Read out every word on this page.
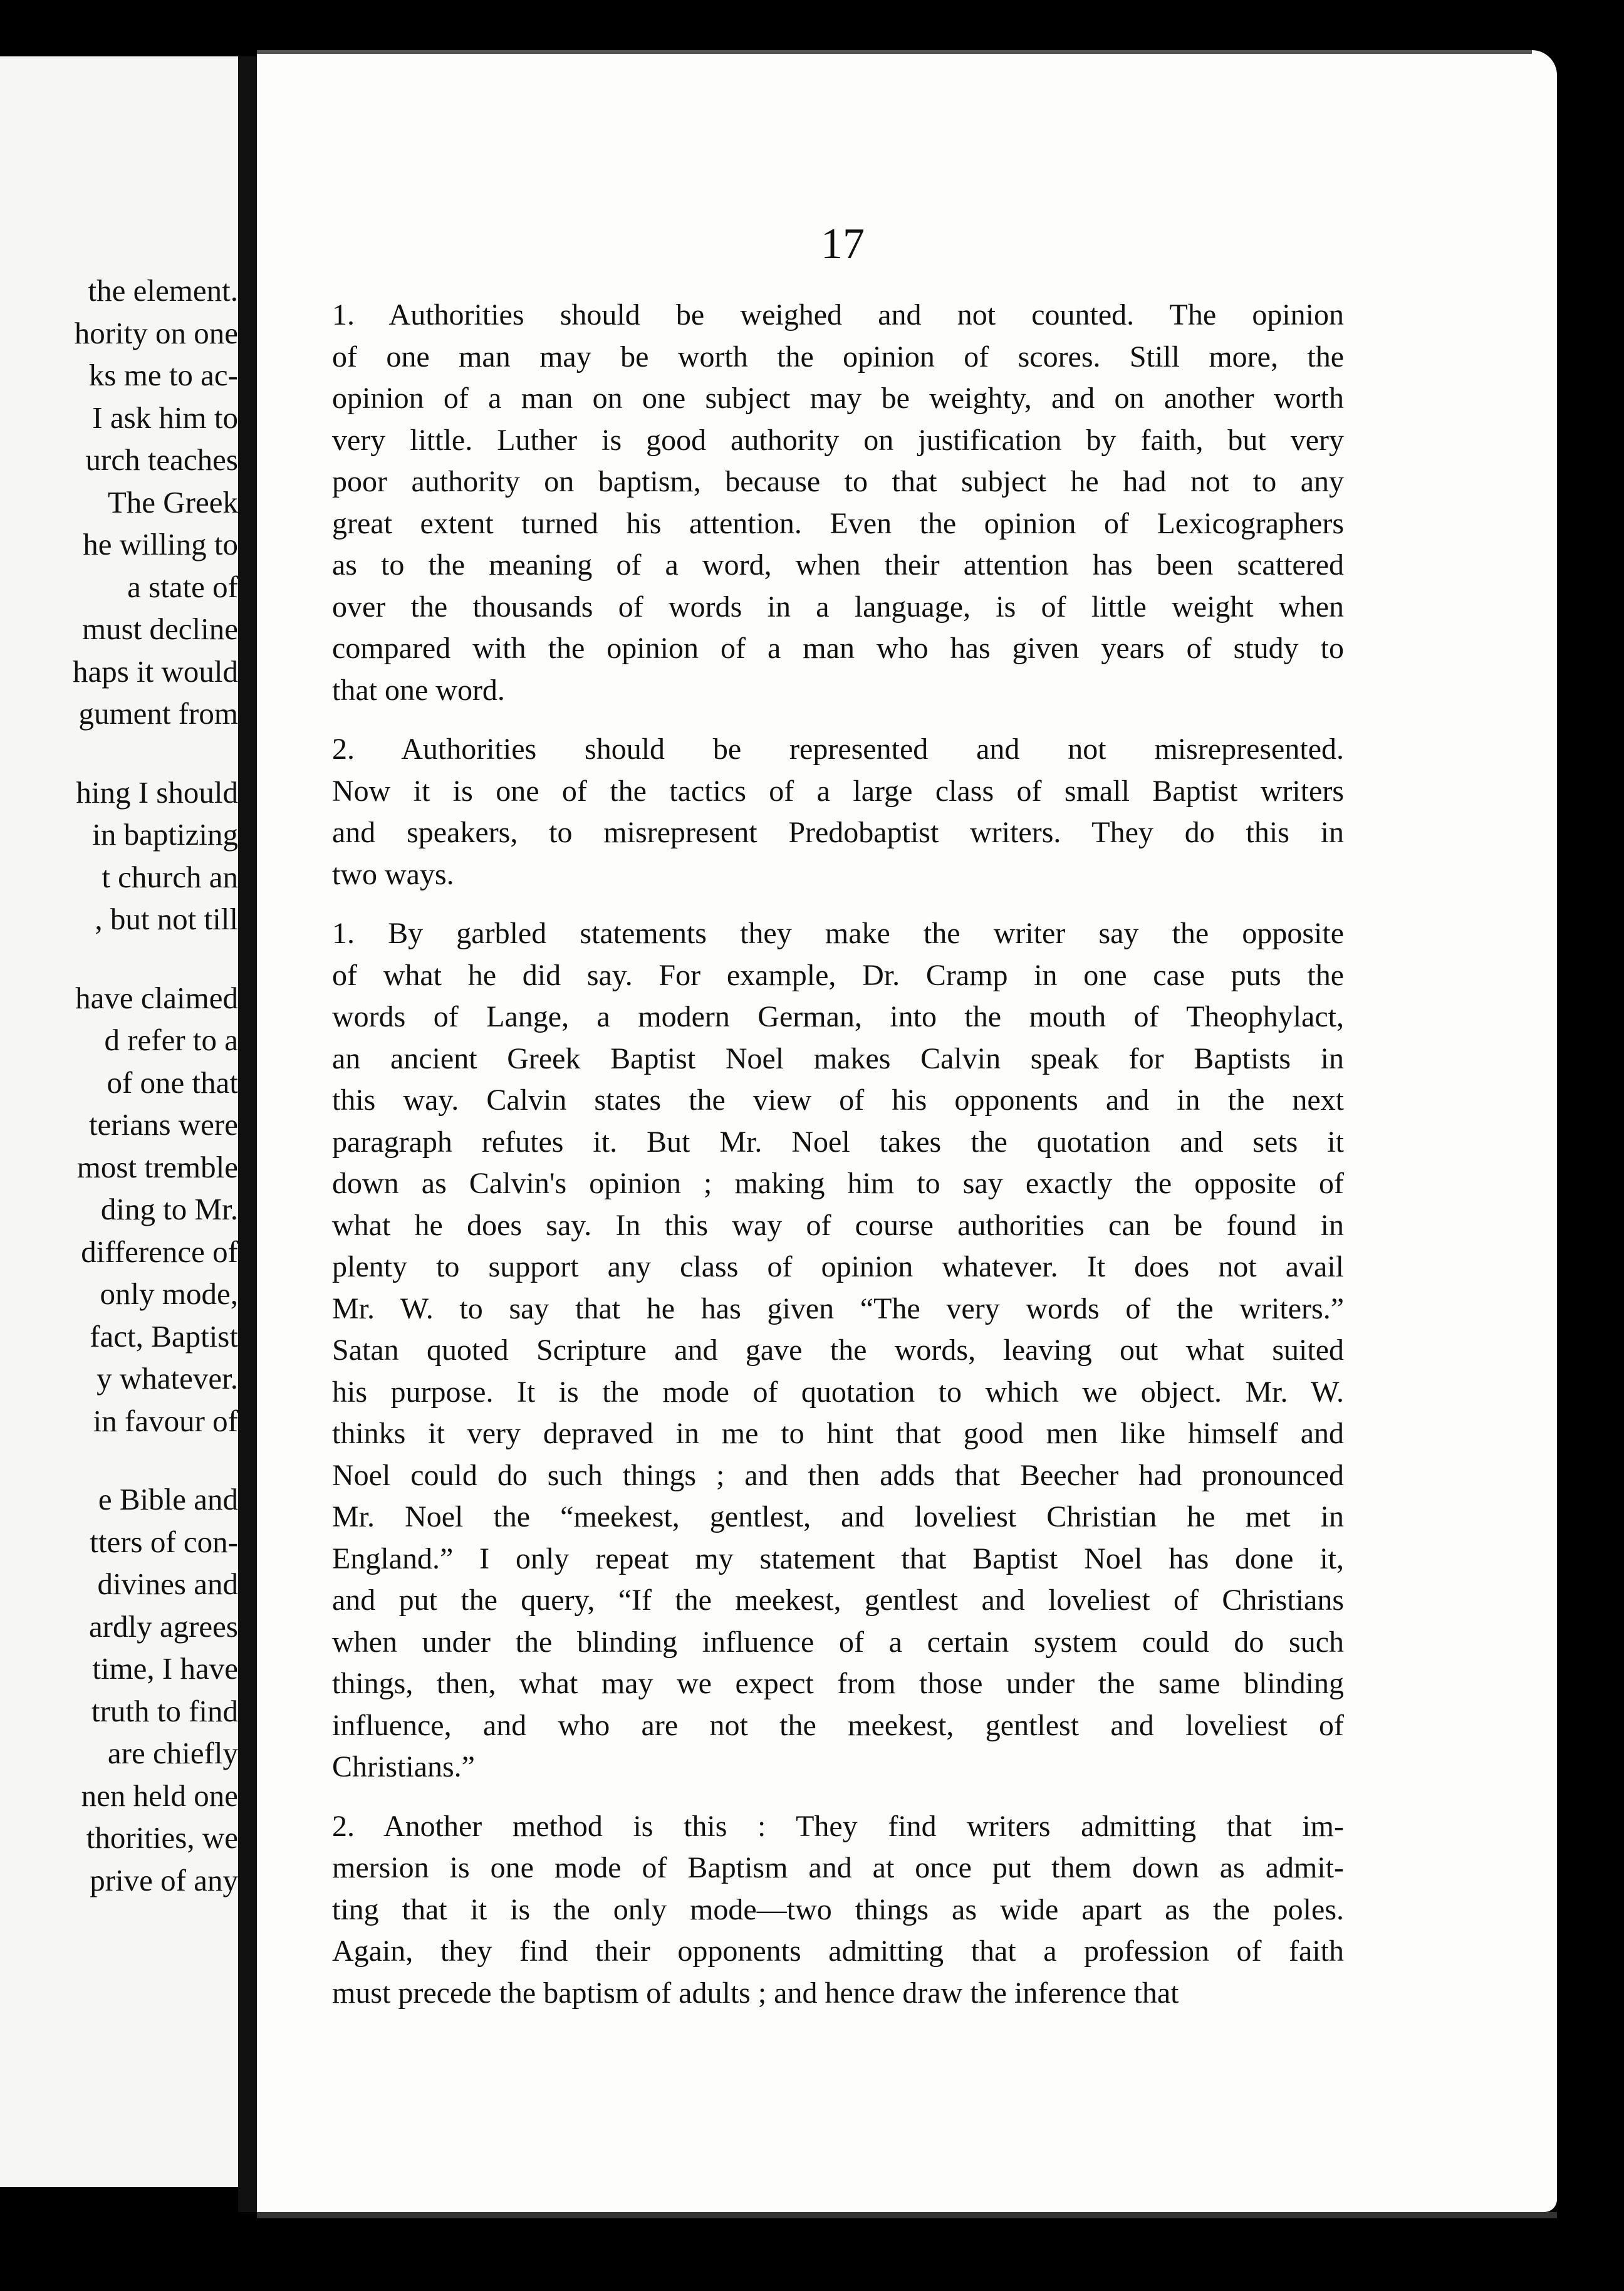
the element.
hority on one
ks me to ac-
I ask him to
urch teaches
The Greek
he willing to
a state of
must decline
haps it would
gument from
hing I should
in baptizing
t church an
, but not till
have claimed
d refer to a
of one that
terians were
most tremble
ding to Mr.
difference of
only mode,
fact, Baptist
y whatever.
in favour of
e Bible and
tters of con-
divines and
ardly agrees
time, I have
truth to find
are chiefly
nen held one
thorities, we
prive of any
17
1. Authorities should be weighed and not counted. The opinion
of one man may be worth the opinion of scores. Still more, the
opinion of a man on one subject may be weighty, and on another worth
very little. Luther is good authority on justification by faith, but very
poor authority on baptism, because to that subject he had not to any
great extent turned his attention. Even the opinion of Lexicographers
as to the meaning of a word, when their attention has been scattered
over the thousands of words in a language, is of little weight when
compared with the opinion of a man who has given years of study to
that one word.
2. Authorities should be represented and not misrepresented.
Now it is one of the tactics of a large class of small Baptist writers
and speakers, to misrepresent Predobaptist writers. They do this in
two ways.
1. By garbled statements they make the writer say the opposite
of what he did say. For example, Dr. Cramp in one case puts the
words of Lange, a modern German, into the mouth of Theophylact,
an ancient Greek Baptist Noel makes Calvin speak for Baptists in
this way. Calvin states the view of his opponents and in the next
paragraph refutes it. But Mr. Noel takes the quotation and sets it
down as Calvin's opinion ; making him to say exactly the opposite of
what he does say. In this way of course authorities can be found in
plenty to support any class of opinion whatever. It does not avail
Mr. W. to say that he has given “The very words of the writers.”
Satan quoted Scripture and gave the words, leaving out what suited
his purpose. It is the mode of quotation to which we object. Mr. W.
thinks it very depraved in me to hint that good men like himself and
Noel could do such things ; and then adds that Beecher had pronounced
Mr. Noel the “meekest, gentlest, and loveliest Christian he met in
England.” I only repeat my statement that Baptist Noel has done it,
and put the query, “If the meekest, gentlest and loveliest of Christians
when under the blinding influence of a certain system could do such
things, then, what may we expect from those under the same blinding
influence, and who are not the meekest, gentlest and loveliest of
Christians.”
2. Another method is this : They find writers admitting that im-
mersion is one mode of Baptism and at once put them down as admit-
ting that it is the only mode—two things as wide apart as the poles.
Again, they find their opponents admitting that a profession of faith
must precede the baptism of adults ; and hence draw the inference that
